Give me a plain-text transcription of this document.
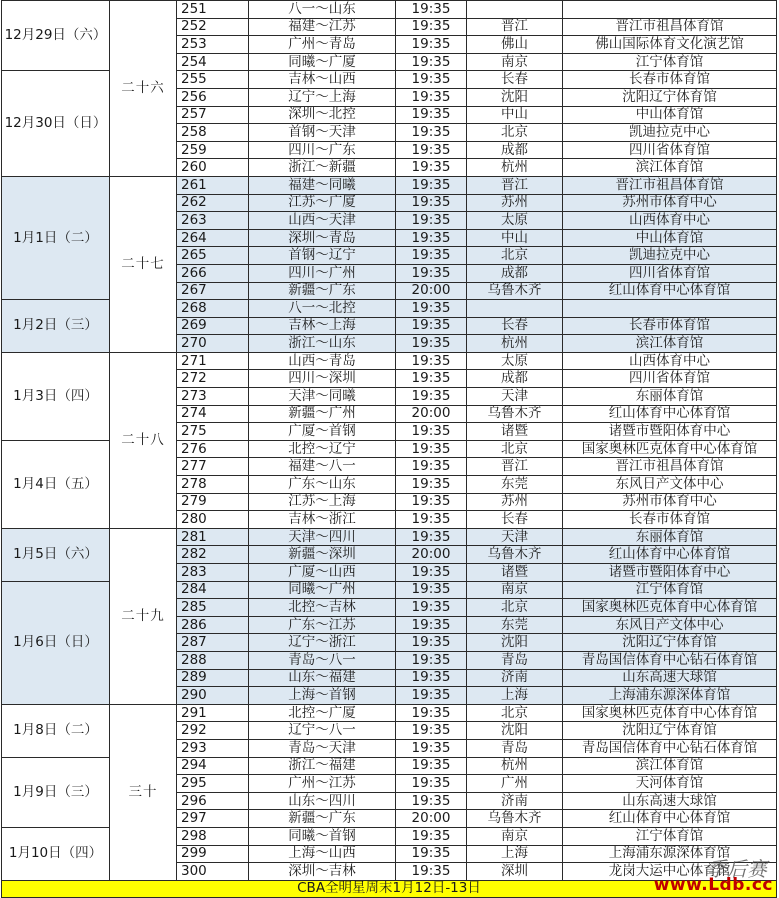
12月29日（六）	二十六	251	八一～山东	19:35		
		252	福建～江苏	19:35	晋江	晋江市祖昌体育馆
		253	广州～青岛	19:35	佛山	佛山国际体育文化演艺馆
		254	同曦～广厦	19:35	南京	江宁体育馆
12月30日（日）		255	吉林～山西	19:35	长春	长春市体育馆
		256	辽宁～上海	19:35	沈阳	沈阳辽宁体育馆
		257	深圳～北控	19:35	中山	中山体育馆
		258	首钢～天津	19:35	北京	凯迪拉克中心
		259	四川～广东	19:35	成都	四川省体育馆
		260	浙江～新疆	19:35	杭州	滨江体育馆
1月1日（二）	二十七	261	福建～同曦	19:35	晋江	晋江市祖昌体育馆
		262	江苏～广厦	19:35	苏州	苏州市体育中心
		263	山西～天津	19:35	太原	山西体育中心
		264	深圳～青岛	19:35	中山	中山体育馆
		265	首钢～辽宁	19:35	北京	凯迪拉克中心
		266	四川～广州	19:35	成都	四川省体育馆
		267	新疆～广东	20:00	乌鲁木齐	红山体育中心体育馆
1月2日（三）		268	八一～北控	19:35		
		269	吉林～上海	19:35	长春	长春市体育馆
		270	浙江～山东	19:35	杭州	滨江体育馆
1月3日（四）	二十八	271	山西～青岛	19:35	太原	山西体育中心
		272	四川～深圳	19:35	成都	四川省体育馆
		273	天津～同曦	19:35	天津	东丽体育馆
		274	新疆～广州	20:00	乌鲁木齐	红山体育中心体育馆
		275	广厦～首钢	19:35	诸暨	诸暨市暨阳体育中心
1月4日（五）		276	北控～辽宁	19:35	北京	国家奥林匹克体育中心体育馆
		277	福建～八一	19:35	晋江	晋江市祖昌体育馆
		278	广东～山东	19:35	东莞	东风日产文体中心
		279	江苏～上海	19:35	苏州	苏州市体育中心
		280	吉林～浙江	19:35	长春	长春市体育馆
1月5日（六）	二十九	281	天津～四川	19:35	天津	东丽体育馆
		282	新疆～深圳	20:00	乌鲁木齐	红山体育中心体育馆
		283	广厦～山西	19:35	诸暨	诸暨市暨阳体育中心
1月6日（日）		284	同曦～广州	19:35	南京	江宁体育馆
		285	北控～吉林	19:35	北京	国家奥林匹克体育中心体育馆
		286	广东～江苏	19:35	东莞	东风日产文体中心
		287	辽宁～浙江	19:35	沈阳	沈阳辽宁体育馆
		288	青岛～八一	19:35	青岛	青岛国信体育中心钻石体育馆
		289	山东～福建	19:35	济南	山东高速大球馆
		290	上海～首钢	19:35	上海	上海浦东源深体育馆
1月8日（二）	三十	291	北控～广厦	19:35	北京	国家奥林匹克体育中心体育馆
		292	辽宁～八一	19:35	沈阳	沈阳辽宁体育馆
		293	青岛～天津	19:35	青岛	青岛国信体育中心钻石体育馆
1月9日（三）		294	浙江～福建	19:35	杭州	滨江体育馆
		295	广州～江苏	19:35	广州	天河体育馆
		296	山东～四川	19:35	济南	山东高速大球馆
		297	新疆～广东	20:00	乌鲁木齐	红山体育中心体育馆
1月10日（四）		298	同曦～首钢	19:35	南京	江宁体育馆
		299	上海～山西	19:35	上海	上海浦东源深体育馆
		300	深圳～吉林	19:35	深圳	龙岗大运中心体育馆
CBA全明星周末1月12日-13日						
季后赛
www.Ldb.cc
